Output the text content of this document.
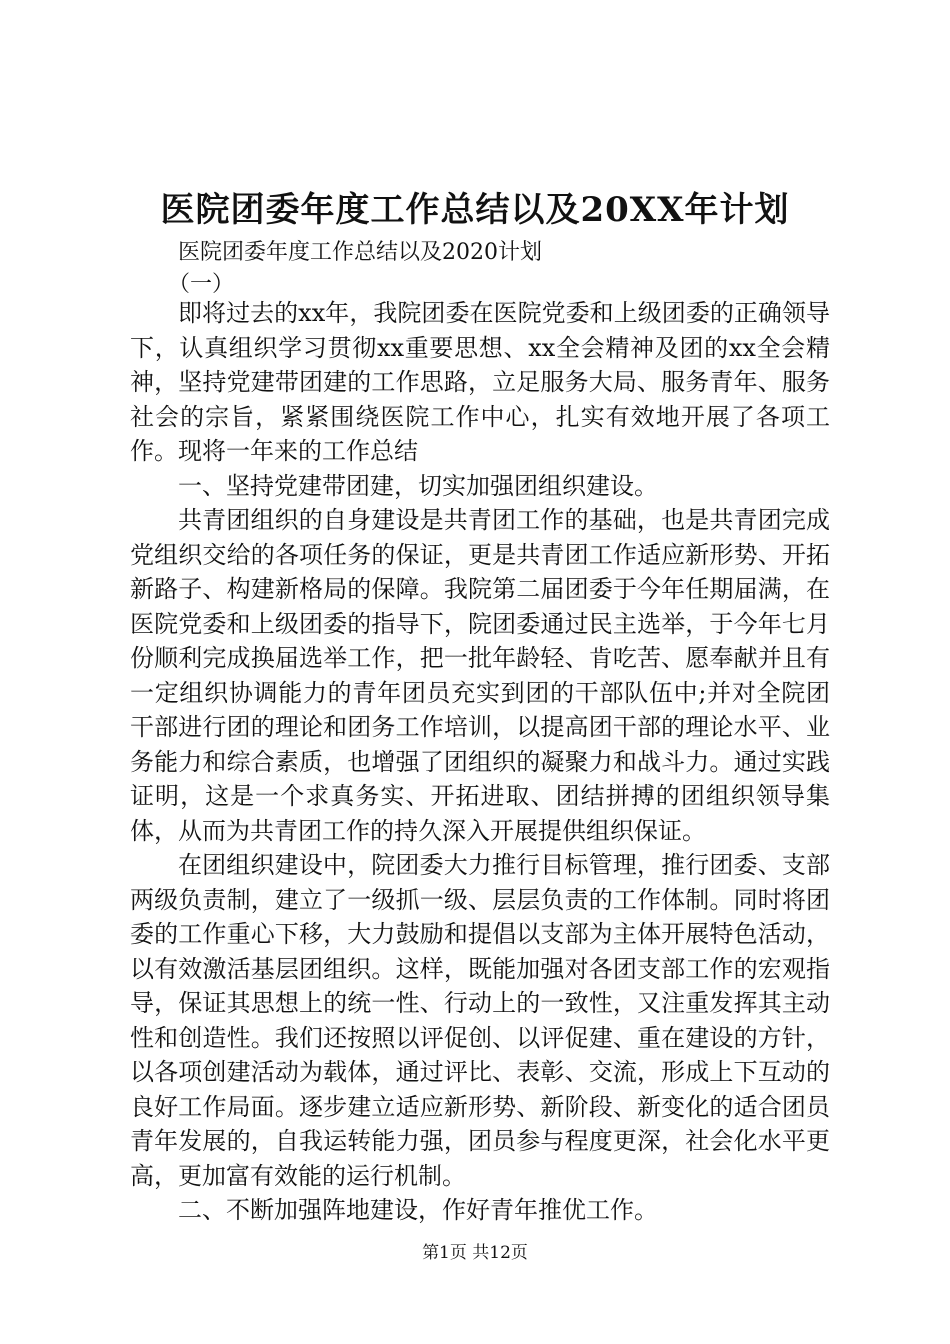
医院团委年度工作总结以及20XX年计划
医院团委年度工作总结以及2020计划
（一）

即将过去的xx年，我院团委在医院党委和上级团委的正确领导下，认真组织学习贯彻xx重要思想、xx全会精神及团的xx全会精神，坚持党建带团建的工作思路，立足服务大局、服务青年、服务社会的宗旨，紧紧围绕医院工作中心，扎实有效地开展了各项工作。现将一年来的工作总结

一、坚持党建带团建，切实加强团组织建设。

共青团组织的自身建设是共青团工作的基础，也是共青团完成党组织交给的各项任务的保证，更是共青团工作适应新形势、开拓新路子、构建新格局的保障。我院第二届团委于今年任期届满，在医院党委和上级团委的指导下，院团委通过民主选举，于今年七月份顺利完成换届选举工作，把一批年龄轻、肯吃苦、愿奉献并且有一定组织协调能力的青年团员充实到团的干部队伍中;并对全院团干部进行团的理论和团务工作培训，以提高团干部的理论水平、业务能力和综合素质，也增强了团组织的凝聚力和战斗力。通过实践证明，这是一个求真务实、开拓进取、团结拼搏的团组织领导集体，从而为共青团工作的持久深入开展提供组织保证。

在团组织建设中，院团委大力推行目标管理，推行团委、支部两级负责制，建立了一级抓一级、层层负责的工作体制。同时将团委的工作重心下移，大力鼓励和提倡以支部为主体开展特色活动，以有效激活基层团组织。这样，既能加强对各团支部工作的宏观指导，保证其思想上的统一性、行动上的一致性，又注重发挥其主动性和创造性。我们还按照以评促创、以评促建、重在建设的方针，以各项创建活动为载体，通过评比、表彰、交流，形成上下互动的良好工作局面。逐步建立适应新形势、新阶段、新变化的适合团员青年发展的，自我运转能力强，团员参与程度更深，社会化水平更高，更加富有效能的运行机制。

二、不断加强阵地建设，作好青年推优工作。

第1页 共12页
